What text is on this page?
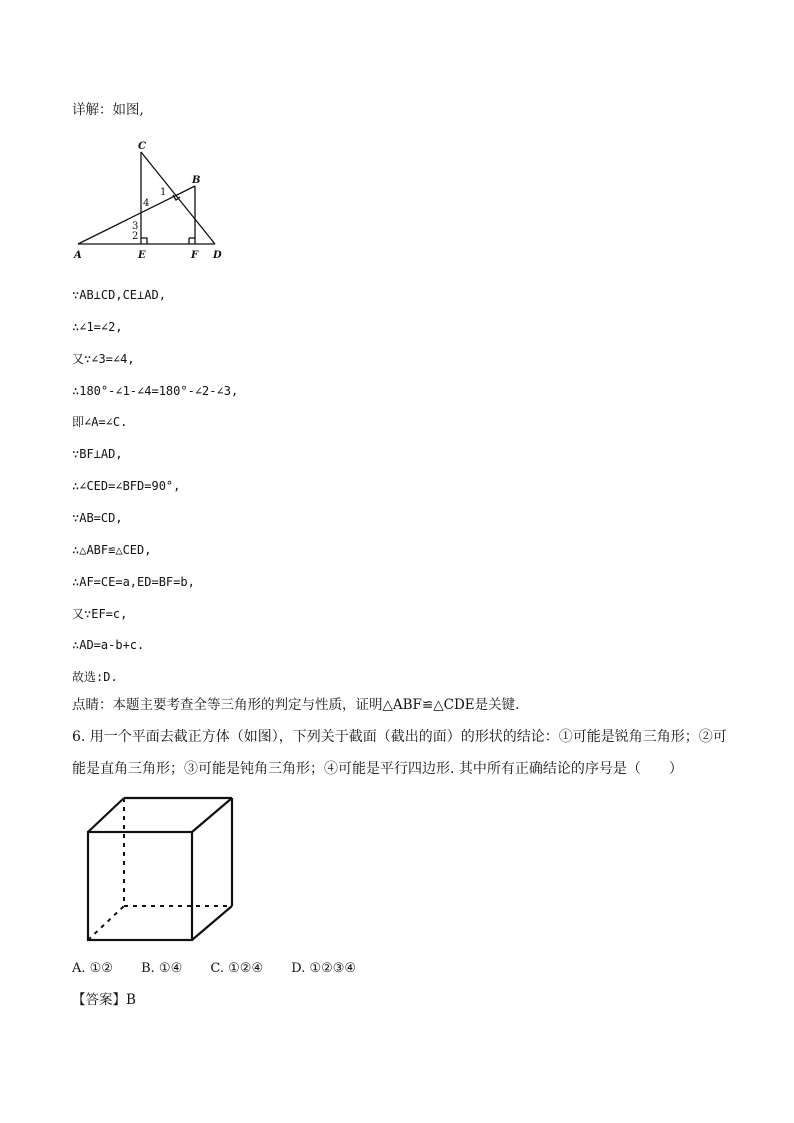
详解：如图,
C
B
A	E	F D
1
4
3
2
∵AB⊥CD,CE⊥AD,
∴∠1=∠2,
又∵∠3=∠4,
∴180°-∠1-∠4=180°-∠2-∠3,
即∠A=∠C.
∵BF⊥AD,
∴∠CED=∠BFD=90°,
∵AB=CD,
∴△ABF≌△CED,
∴AF=CE=a,ED=BF=b,
又∵EF=c,
∴AD=a-b+c.
故选:D.
点睛：本题主要考查全等三角形的判定与性质，证明△ABF≌△CDE是关键.
6. 用一个平面去截正方体（如图），下列关于截面（截出的面）的形状的结论：①可能是锐角三角形；②可
能是直角三角形；③可能是钝角三角形；④可能是平行四边形. 其中所有正确结论的序号是（　　）
A. ①② B. ①④ C. ①②④ D. ①②③④
【答案】B
